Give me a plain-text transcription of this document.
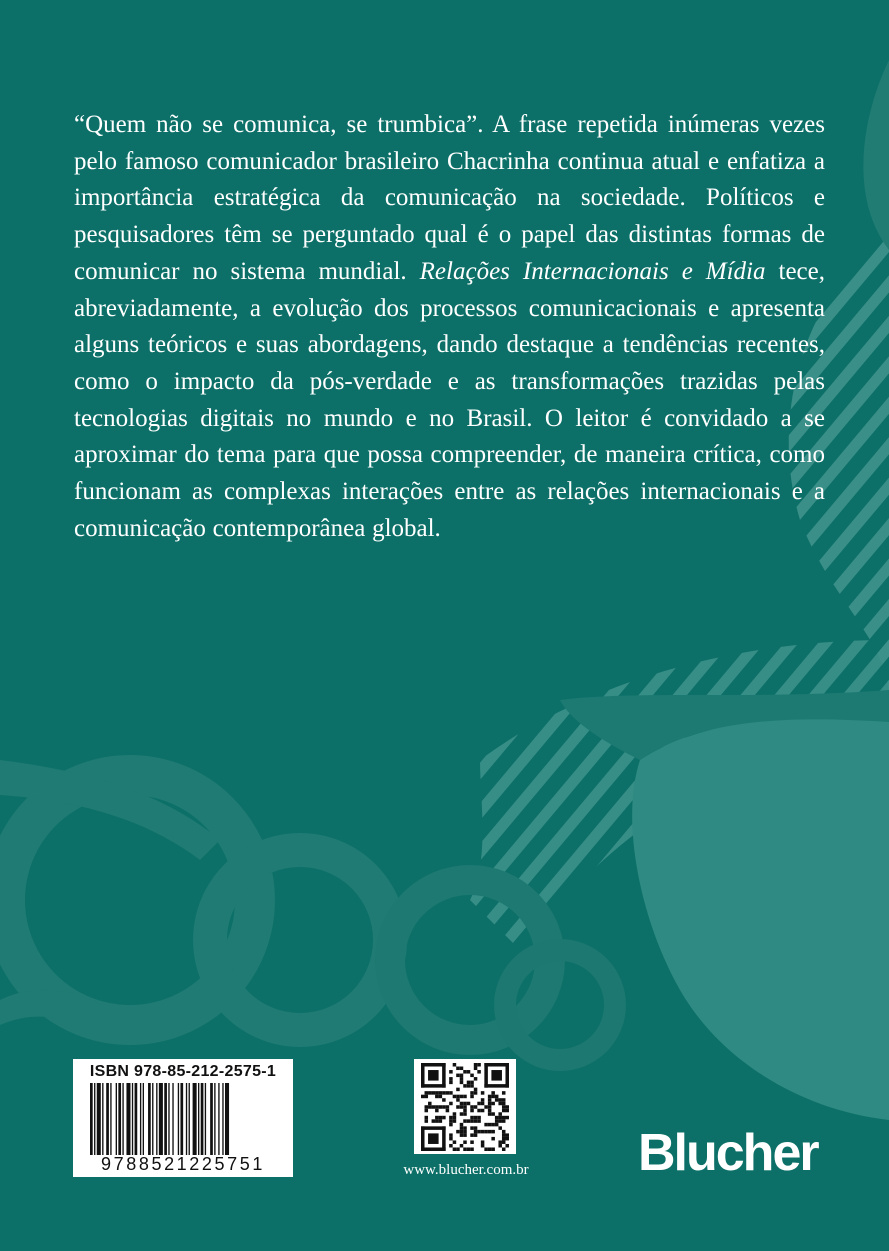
“Quem não se comunica, se trumbica”. A frase repetida inúmeras vezes pelo famoso comunicador brasileiro Chacrinha continua atual e enfatiza a importância estratégica da comunicação na sociedade. Políticos e pesquisadores têm se perguntado qual é o papel das distintas formas de comunicar no sistema mundial. Relações Internacionais e Mídia tece, abreviadamente, a evolução dos processos comunicacionais e apresenta alguns teóricos e suas abordagens, dando destaque a tendências recentes, como o impacto da pós-verdade e as transformações trazidas pelas tecnologias digitais no mundo e no Brasil. O leitor é convidado a se aproximar do tema para que possa compreender, de maneira crítica, como funcionam as complexas interações entre as relações internacionais e a comunicação contemporânea global.

ISBN 978-85-212-2575-1
9788521225751	www.blucher.com.br Blucher
